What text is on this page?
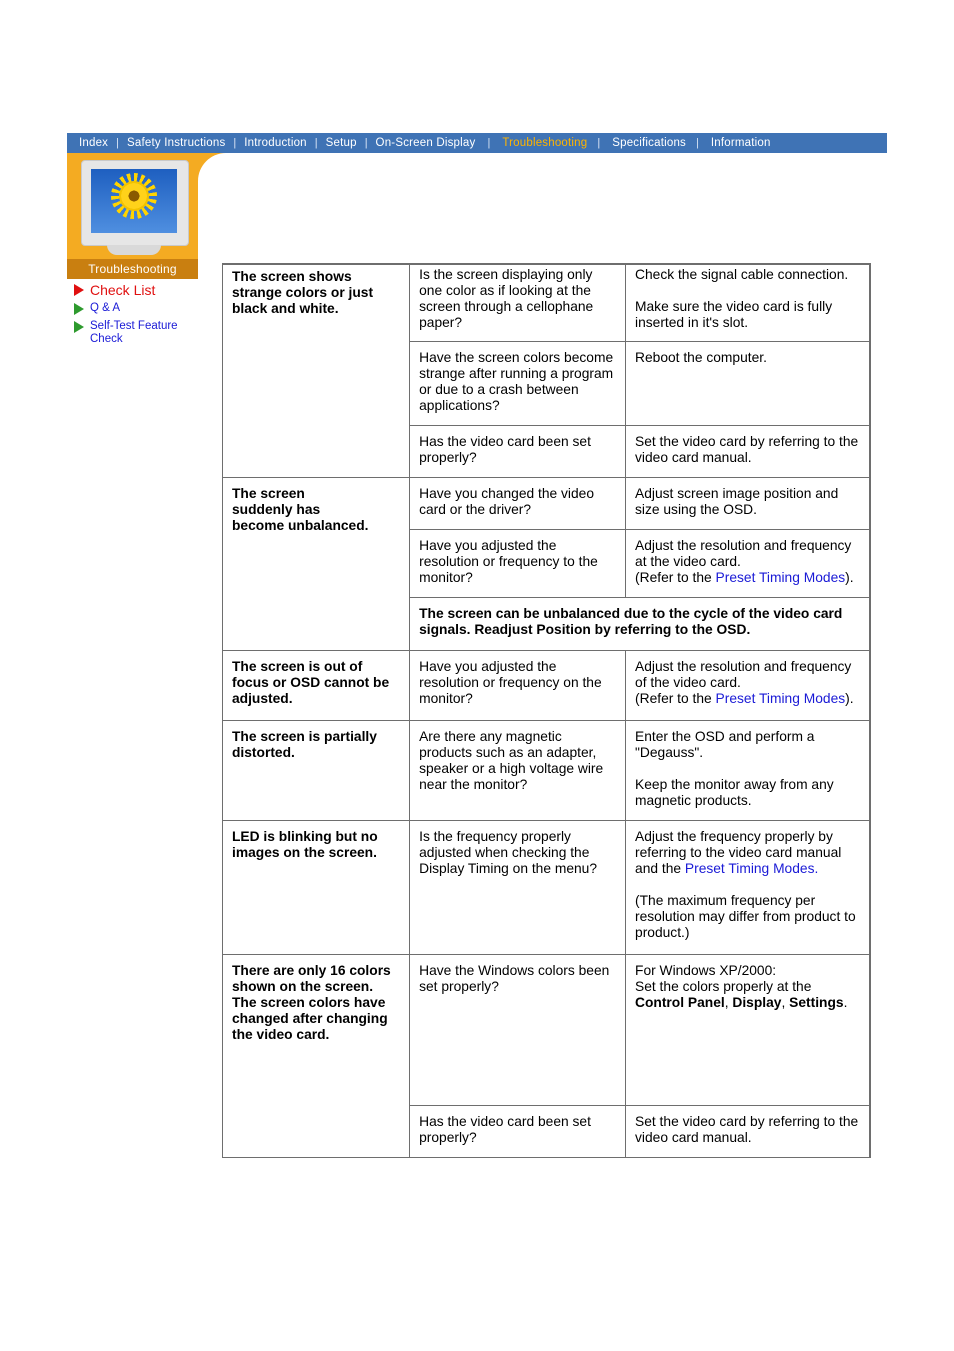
Index | Safety Instructions | Introduction | Setup | On-Screen Display | Troubleshooting | Specifications | Information
Troubleshooting
Check List
Q & A
Self-Test Feature Check
The screen shows strange colors or just black and white.	Is the screen displaying only one color as if looking at the screen through a cellophane paper?	Check the signal cable connection.
Make sure the video card is fully inserted in it's slot.

	Have the screen colors become strange after running a program or due to a crash between applications?	Reboot the computer.
	Has the video card been set properly?	Set the video card by referring to the video card manual.
The screen suddenly has become unbalanced.	Have you changed the video card or the driver?	Adjust screen image position and size using the OSD.
	Have you adjusted the resolution or frequency to the monitor?	Adjust the resolution and frequency at the video card.
(Refer to the Preset Timing Modes).

	The screen can be unbalanced due to the cycle of the video card signals. Readjust Position by referring to the OSD.	
The screen is out of focus or OSD cannot be adjusted.	Have you adjusted the resolution or frequency on the monitor?	Adjust the resolution and frequency of the video card.
(Refer to the Preset Timing Modes).

The screen is partially distorted.	Are there any magnetic products such as an adapter, speaker or a high voltage wire near the monitor?	Enter the OSD and perform a "Degauss".
Keep the monitor away from any magnetic products.

LED is blinking but no images on the screen.	Is the frequency properly adjusted when checking the Display Timing on the menu?	Adjust the frequency properly by referring to the video card manual and the Preset Timing Modes.
(The maximum frequency per resolution may differ from product to product.)

There are only 16 colors shown on the screen. The screen colors have changed after changing the video card.	Have the Windows colors been set properly?	For Windows XP/2000:
Set the colors properly at the
Control Panel, Display, Settings.

	Has the video card been set properly?	Set the video card by referring to the video card manual.
